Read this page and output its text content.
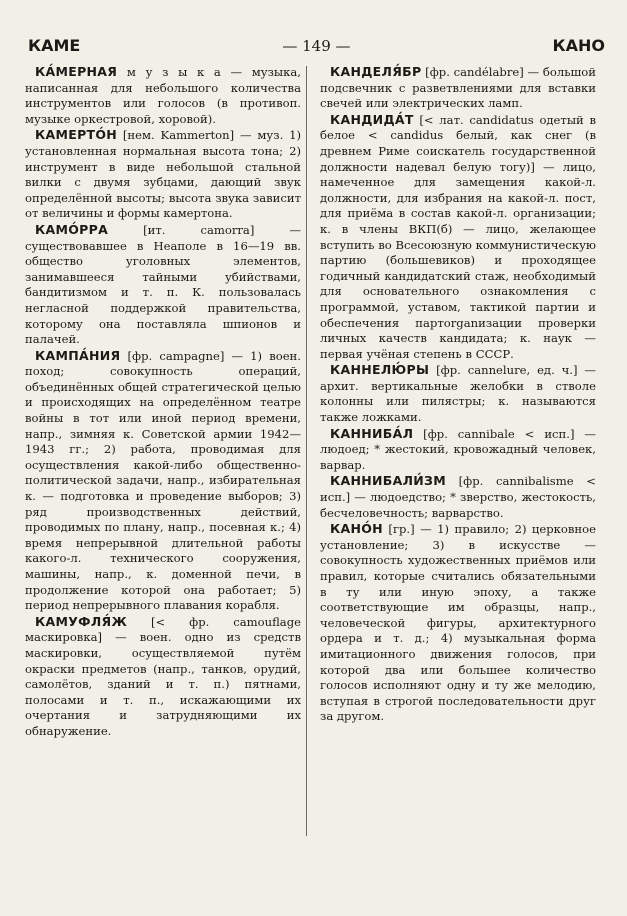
КАМЕ	— 149 —	КАНО

КА́МЕРНАЯ м у з ы к а — музыка, написанная для небольшого количества инструментов или голосов (в противоп. музыке оркестровой, хоровой).

КАМЕРТО́Н [нем. Kammerton] — муз. 1) установленная нормальная высота тона; 2) инструмент в виде небольшой стальной вилки с двумя зубцами, дающий звук определённой высоты; высота звука зависит от величины и формы камертона.

КАМО́РРА [ит. camorra] — существовавшее в Неаполе в 16—19 вв. общество уголовных элементов, занимавшееся тайными убийствами, бандитизмом и т. п. К. пользовалась негласной поддержкой правительства, которому она поставляла шпионов и палачей.

КАМПА́НИЯ [фр. campagne] — 1) воен. поход; совокупность операций, объединённых общей стратегической целью и происходящих на определённом театре войны в тот или иной период времени, напр., зимняя к. Советской армии 1942—1943 гг.; 2) работа, проводимая для осуществления какой-либо общественно-политической задачи, напр., избирательная к. — подготовка и проведение выборов; 3) ряд производственных действий, проводимых по плану, напр., посевная к.; 4) время непрерывной длительной работы какого-л. технического сооружения, машины, напр., к. доменной печи, в продолжение которой она работает; 5) период непрерывного плавания корабля.

КАМУФЛЯ́Ж [< фр. camouflage маскировка] — воен. одно из средств маскировки, осуществляемой путём окраски предметов (напр., танков, орудий, самолётов, зданий и т. п.) пятнами, полосами и т. п., искажающими их очертания и затрудняющими их обнаружение.

КАНДЕЛЯ́БР [фр. candélabre] — большой подсвечник с разветвлениями для вставки свечей или электрических ламп.

КАНДИДА́Т [< лат. candidatus одетый в белое < candidus белый, как снег (в древнем Риме соискатель государственной должности надевал белую тогу)] — лицо, намеченное для замещения какой-л. должности, для избрания на какой-л. пост, для приёма в состав какой-л. организации; к. в члены ВКП(б) — лицо, желающее вступить во Всесоюзную коммунистическую партию (большевиков) и проходящее годичный кандидатский стаж, необходимый для основательного ознакомления с программой, уставом, тактикой партии и обеспечения партorganизации проверки личных качеств кандидата; к. наук — первая учёная степень в СССР.

КАННЕЛЮ́РЫ [фр. cannelure, ед. ч.] — архит. вертикальные желобки в стволе колонны или пилястры; к. называются также ложками.

КАННИБА́Л [фр. cannibale < исп.] — людоед; * жестокий, кровожадный человек, варвар.

КАННИБАЛИ́ЗМ [фр. cannibalisme < исп.] — людоедство; * зверство, жестокость, бесчеловечность; варварство.

КАНО́Н [гр.] — 1) правило; 2) церковное установление; 3) в искусстве — совокупность художественных приёмов или правил, которые считались обязательными в ту или иную эпоху, а также соответствующие им образцы, напр., человеческой фигуры, архитектурного ордера и т. д.; 4) музыкальная форма имитационного движения голосов, при которой два или большее количество голосов исполняют одну и ту же мелодию, вступая в строгой последовательности друг за другом.
